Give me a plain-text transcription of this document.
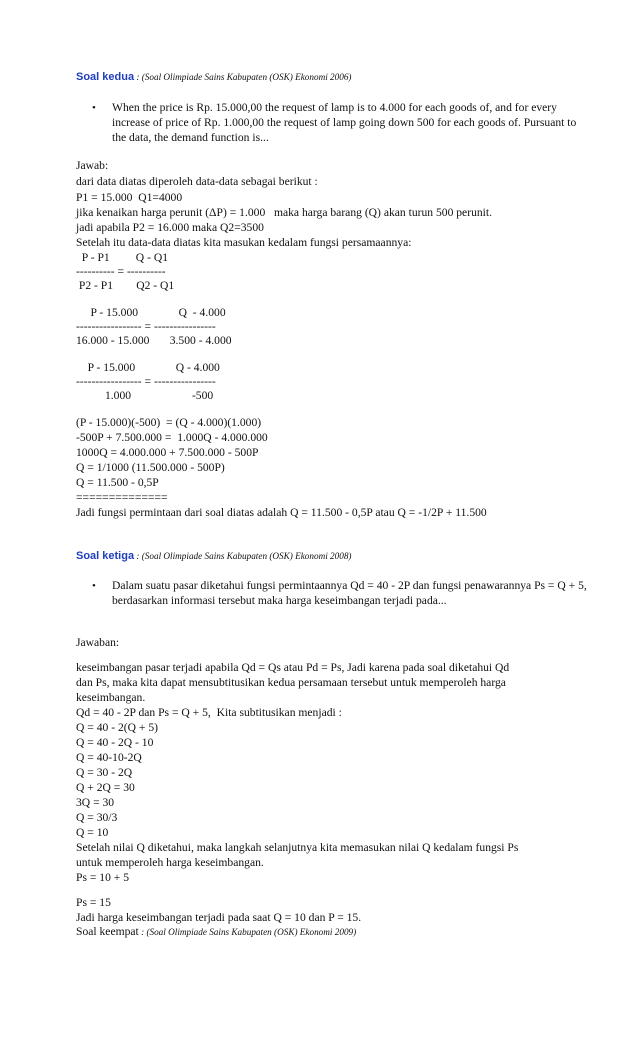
Soal kedua : (Soal Olimpiade Sains Kabupaten (OSK) Ekonomi 2006)
• When the price is Rp. 15.000,00 the request of lamp is to 4.000 for each goods of, and for every increase of price of Rp. 1.000,00 the request of lamp going down 500 for each goods of. Pursuant to the data, the demand function is...
Jawab:
dari data diatas diperoleh data-data sebagai berikut :
P1 = 15.000  Q1=4000
jika kenaikan harga perunit (ΔP) = 1.000   maka harga barang (Q) akan turun 500 perunit.
jadi apabila P2 = 16.000 maka Q2=3500
Setelah itu data-data diatas kita masukan kedalam fungsi persamaannya:
P - P1         Q - Q1
---------- = ----------
P2 - P1        Q2 - Q1
P - 15.000              Q  - 4.000
----------------- = ----------------
16.000 - 15.000       3.500 - 4.000
P - 15.000              Q - 4.000
----------------- = ----------------
1.000                     -500
(P - 15.000)(-500)  = (Q - 4.000)(1.000)
-500P + 7.500.000 =  1.000Q - 4.000.000
1000Q = 4.000.000 + 7.500.000 - 500P
Q = 1/1000 (11.500.000 - 500P)
Q = 11.500 - 0,5P
==============
Jadi fungsi permintaan dari soal diatas adalah Q = 11.500 - 0,5P atau Q = -1/2P + 11.500
Soal ketiga : (Soal Olimpiade Sains Kabupaten (OSK) Ekonomi 2008)
• Dalam suatu pasar diketahui fungsi permintaannya Qd = 40 - 2P dan fungsi penawarannya Ps = Q + 5, berdasarkan informasi tersebut maka harga keseimbangan terjadi pada...
Jawaban:
keseimbangan pasar terjadi apabila Qd = Qs atau Pd = Ps, Jadi karena pada soal diketahui Qd
dan Ps, maka kita dapat mensubtitusikan kedua persamaan tersebut untuk memperoleh harga
keseimbangan.
Qd = 40 - 2P dan Ps = Q + 5,  Kita subtitusikan menjadi :
Q = 40 - 2(Q + 5)
Q = 40 - 2Q - 10
Q = 40-10-2Q
Q = 30 - 2Q
Q + 2Q = 30
3Q = 30
Q = 30/3
Q = 10
Setelah nilai Q diketahui, maka langkah selanjutnya kita memasukan nilai Q kedalam fungsi Ps
untuk memperoleh harga keseimbangan.
Ps = 10 + 5
Ps = 15
Jadi harga keseimbangan terjadi pada saat Q = 10 dan P = 15.
Soal keempat : (Soal Olimpiade Sains Kabupaten (OSK) Ekonomi 2009)
